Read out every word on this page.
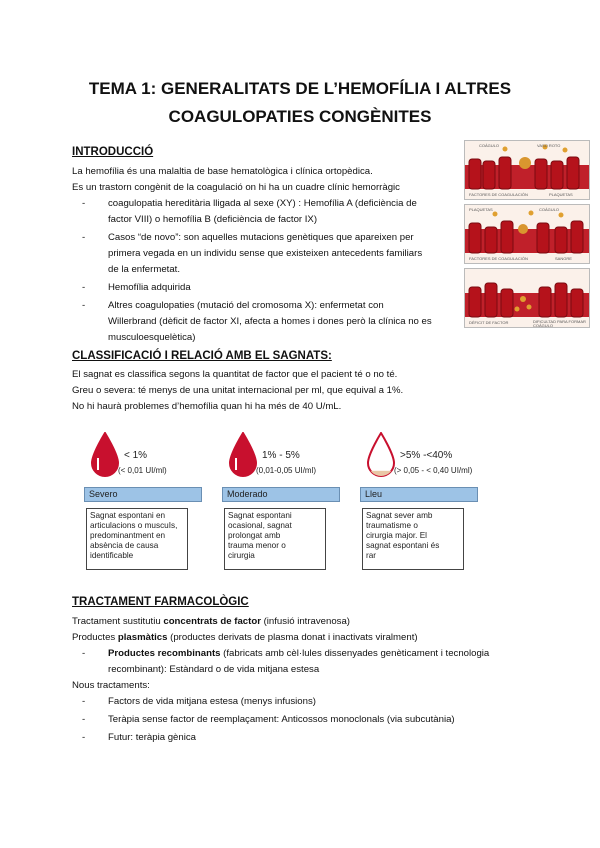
TEMA 1: GENERALITATS DE L’HEMOFÍLIA I ALTRES
COAGULOPATIES CONGÈNITES
INTRODUCCIÓ
La hemofília és una malaltia de base hematològica i clínica ortopèdica.
Es un trastorn congènit de la coagulació on hi ha un cuadre clínic hemorràgic
- coagulopatia hereditària lligada al sexe (XY) : Hemofília A (deficiència de
factor VIII) o hemofília B (deficiència de factor IX)
- Casos “de novo”: son aquelles mutacions genètiques que apareixen per
primera vegada en un individu sense que existeixen antecedents familiars
de la enfermetat.
- Hemofília adquirida
- Altres coagulopaties (mutació del cromosoma X): enfermetat con
Willerbrand (dèficit de factor XI, afecta a homes i dones però la clínica no es
musculoesquelètica)
COÁGULO	VASO ROTO
FACTORES DE COAGULACIÓN	PLAQUETAS
PLAQUETAS	COÁGULO
FACTORES DE COAGULACIÓN	SANGRE
DÉFICIT DE FACTOR	DIFICULTAD PARA FORMAR COÁGULO
CLASSIFICACIÓ I RELACIÓ AMB EL SAGNATS:
El sagnat es classifica segons la quantitat de factor que el pacient té o no té.
Greu o severa: té menys de una unitat internacional per ml, que equival a 1%.
No hi haurà problemes d’hemofília quan hi ha més de 40 U/mL.
< 1%
(< 0,01 UI/ml)
Severo
Sagnat espontani en
articulacions o muscuIs,
predominantment en
absència de causa
identificable
1% - 5%
(0,01-0,05 UI/ml)
Moderado
Sagnat espontani
ocasional, sagnat
prolongat amb
trauma menor o
cirurgia
>5% -<40%
(> 0,05 - < 0,40 UI/ml)
Lleu
Sagnat sever amb
traumatisme o
cirurgia major. El
sagnat espontani és
rar
TRACTAMENT FARMACOLÒGIC
Tractament sustitutiu concentrats de factor (infusió intravenosa)
Productes plasmàtics (productes derivats de plasma donat i inactivats viralment)
- Productes recombinants (fabricats amb cèl·lules dissenyades genèticament i tecnologia
recombinant): Estàndard o de vida mitjana estesa
Nous tractaments:
- Factors de vida mitjana estesa (menys infusions)
- Teràpia sense factor de reemplaçament: Anticossos monoclonals (via subcutània)
- Futur: teràpia gènica
